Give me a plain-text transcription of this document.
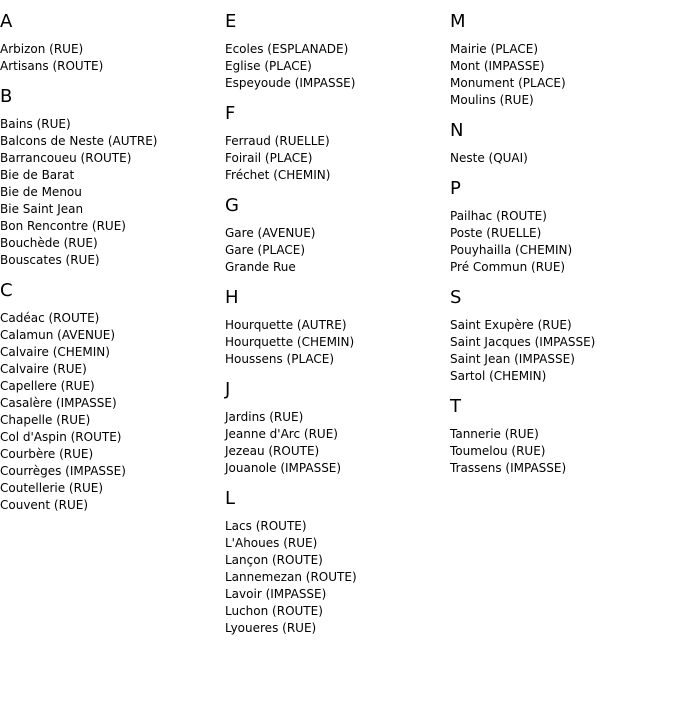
A
Arbizon (RUE)
Artisans (ROUTE)
B
Bains (RUE)
Balcons de Neste (AUTRE)
Barrancoueu (ROUTE)
Bie de Barat
Bie de Menou
Bie Saint Jean
Bon Rencontre (RUE)
Bouchède (RUE)
Bouscates (RUE)
C
Cadéac (ROUTE)
Calamun (AVENUE)
Calvaire (CHEMIN)
Calvaire (RUE)
Capellere (RUE)
Casalère (IMPASSE)
Chapelle (RUE)
Col d'Aspin (ROUTE)
Courbère (RUE)
Courrèges (IMPASSE)
Coutellerie (RUE)
Couvent (RUE)
E
Ecoles (ESPLANADE)
Eglise (PLACE)
Espeyoude (IMPASSE)
F
Ferraud (RUELLE)
Foirail (PLACE)
Fréchet (CHEMIN)
G
Gare (AVENUE)
Gare (PLACE)
Grande Rue
H
Hourquette (AUTRE)
Hourquette (CHEMIN)
Houssens (PLACE)
J
Jardins (RUE)
Jeanne d'Arc (RUE)
Jezeau (ROUTE)
Jouanole (IMPASSE)
L
Lacs (ROUTE)
L'Ahoues (RUE)
Lançon (ROUTE)
Lannemezan (ROUTE)
Lavoir (IMPASSE)
Luchon (ROUTE)
Lyoueres (RUE)
M
Mairie (PLACE)
Mont (IMPASSE)
Monument (PLACE)
Moulins (RUE)
N
Neste (QUAI)
P
Pailhac (ROUTE)
Poste (RUELLE)
Pouyhailla (CHEMIN)
Pré Commun (RUE)
S
Saint Exupère (RUE)
Saint Jacques (IMPASSE)
Saint Jean (IMPASSE)
Sartol (CHEMIN)
T
Tannerie (RUE)
Toumelou (RUE)
Trassens (IMPASSE)
